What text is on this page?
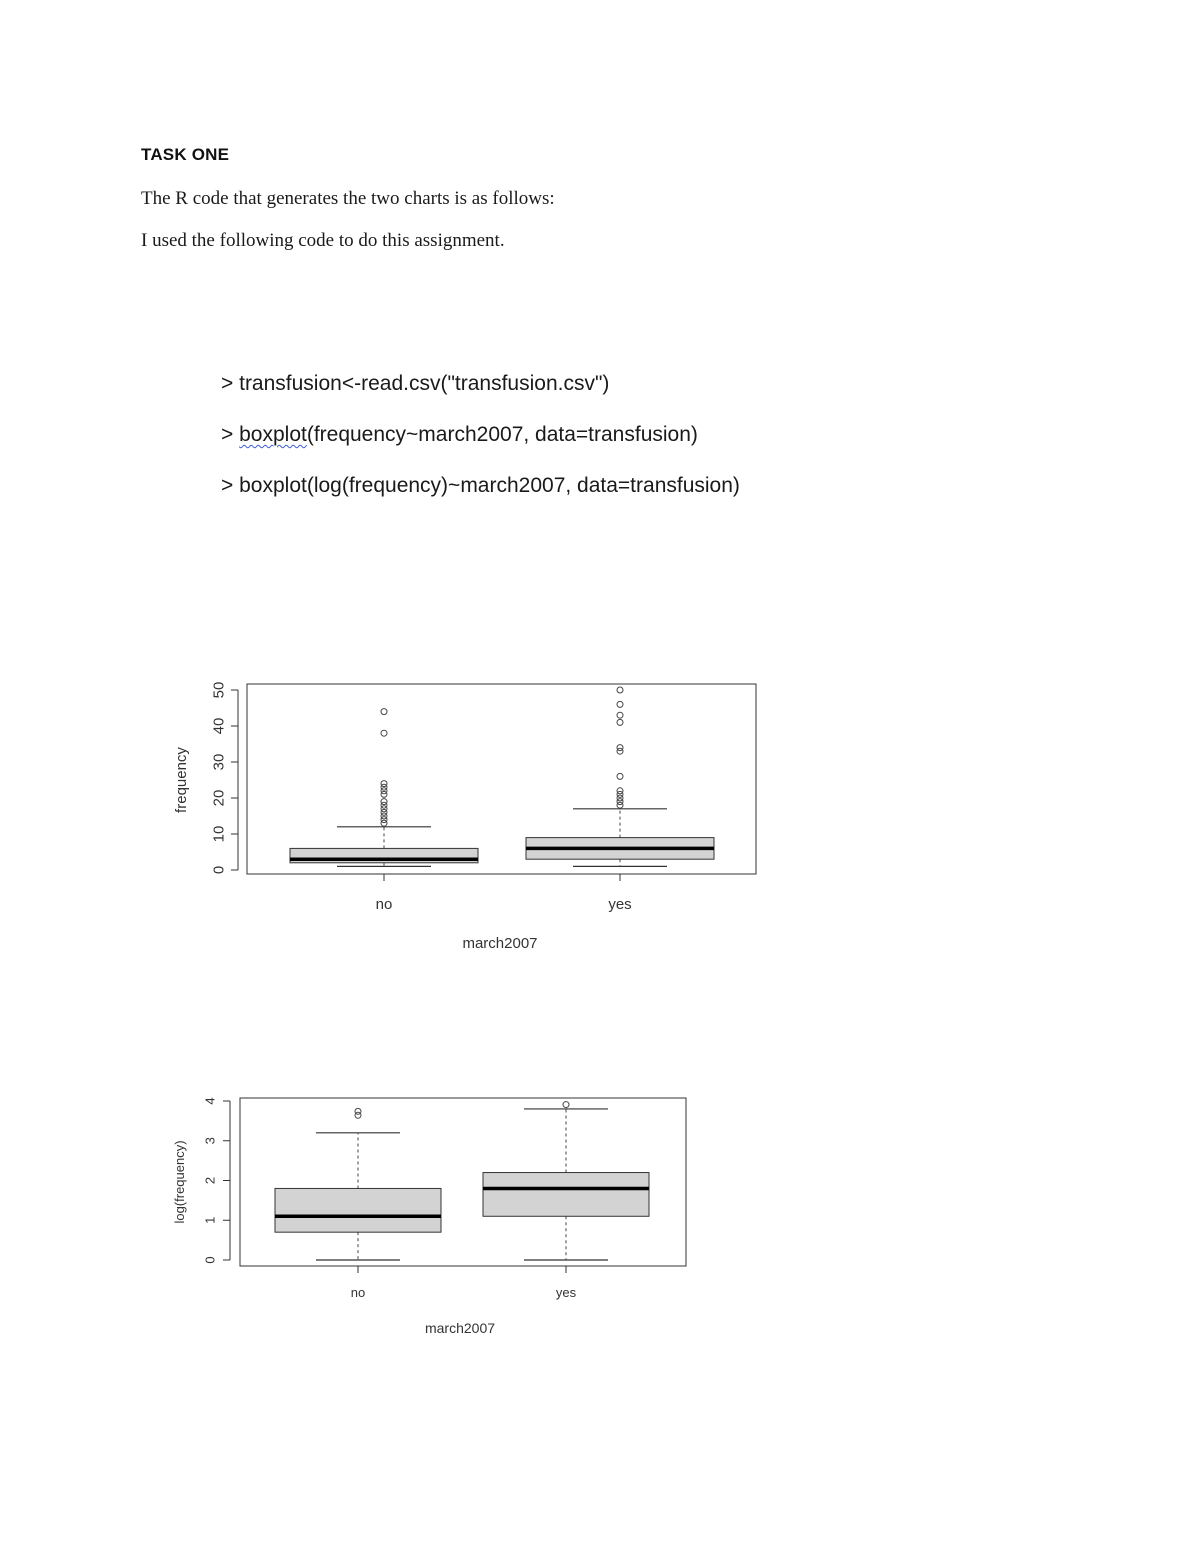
TASK ONE
The R code that generates the two charts is as follows:
I used the following code to do this assignment.
> transfusion<-read.csv("transfusion.csv")
> boxplot(frequency~march2007, data=transfusion)
> boxplot(log(frequency)~march2007, data=transfusion)
0
10
20
30
40
50
no	yes
march2007
frequency
0
1
2
3
4
no	yes
march2007
log(frequency)
